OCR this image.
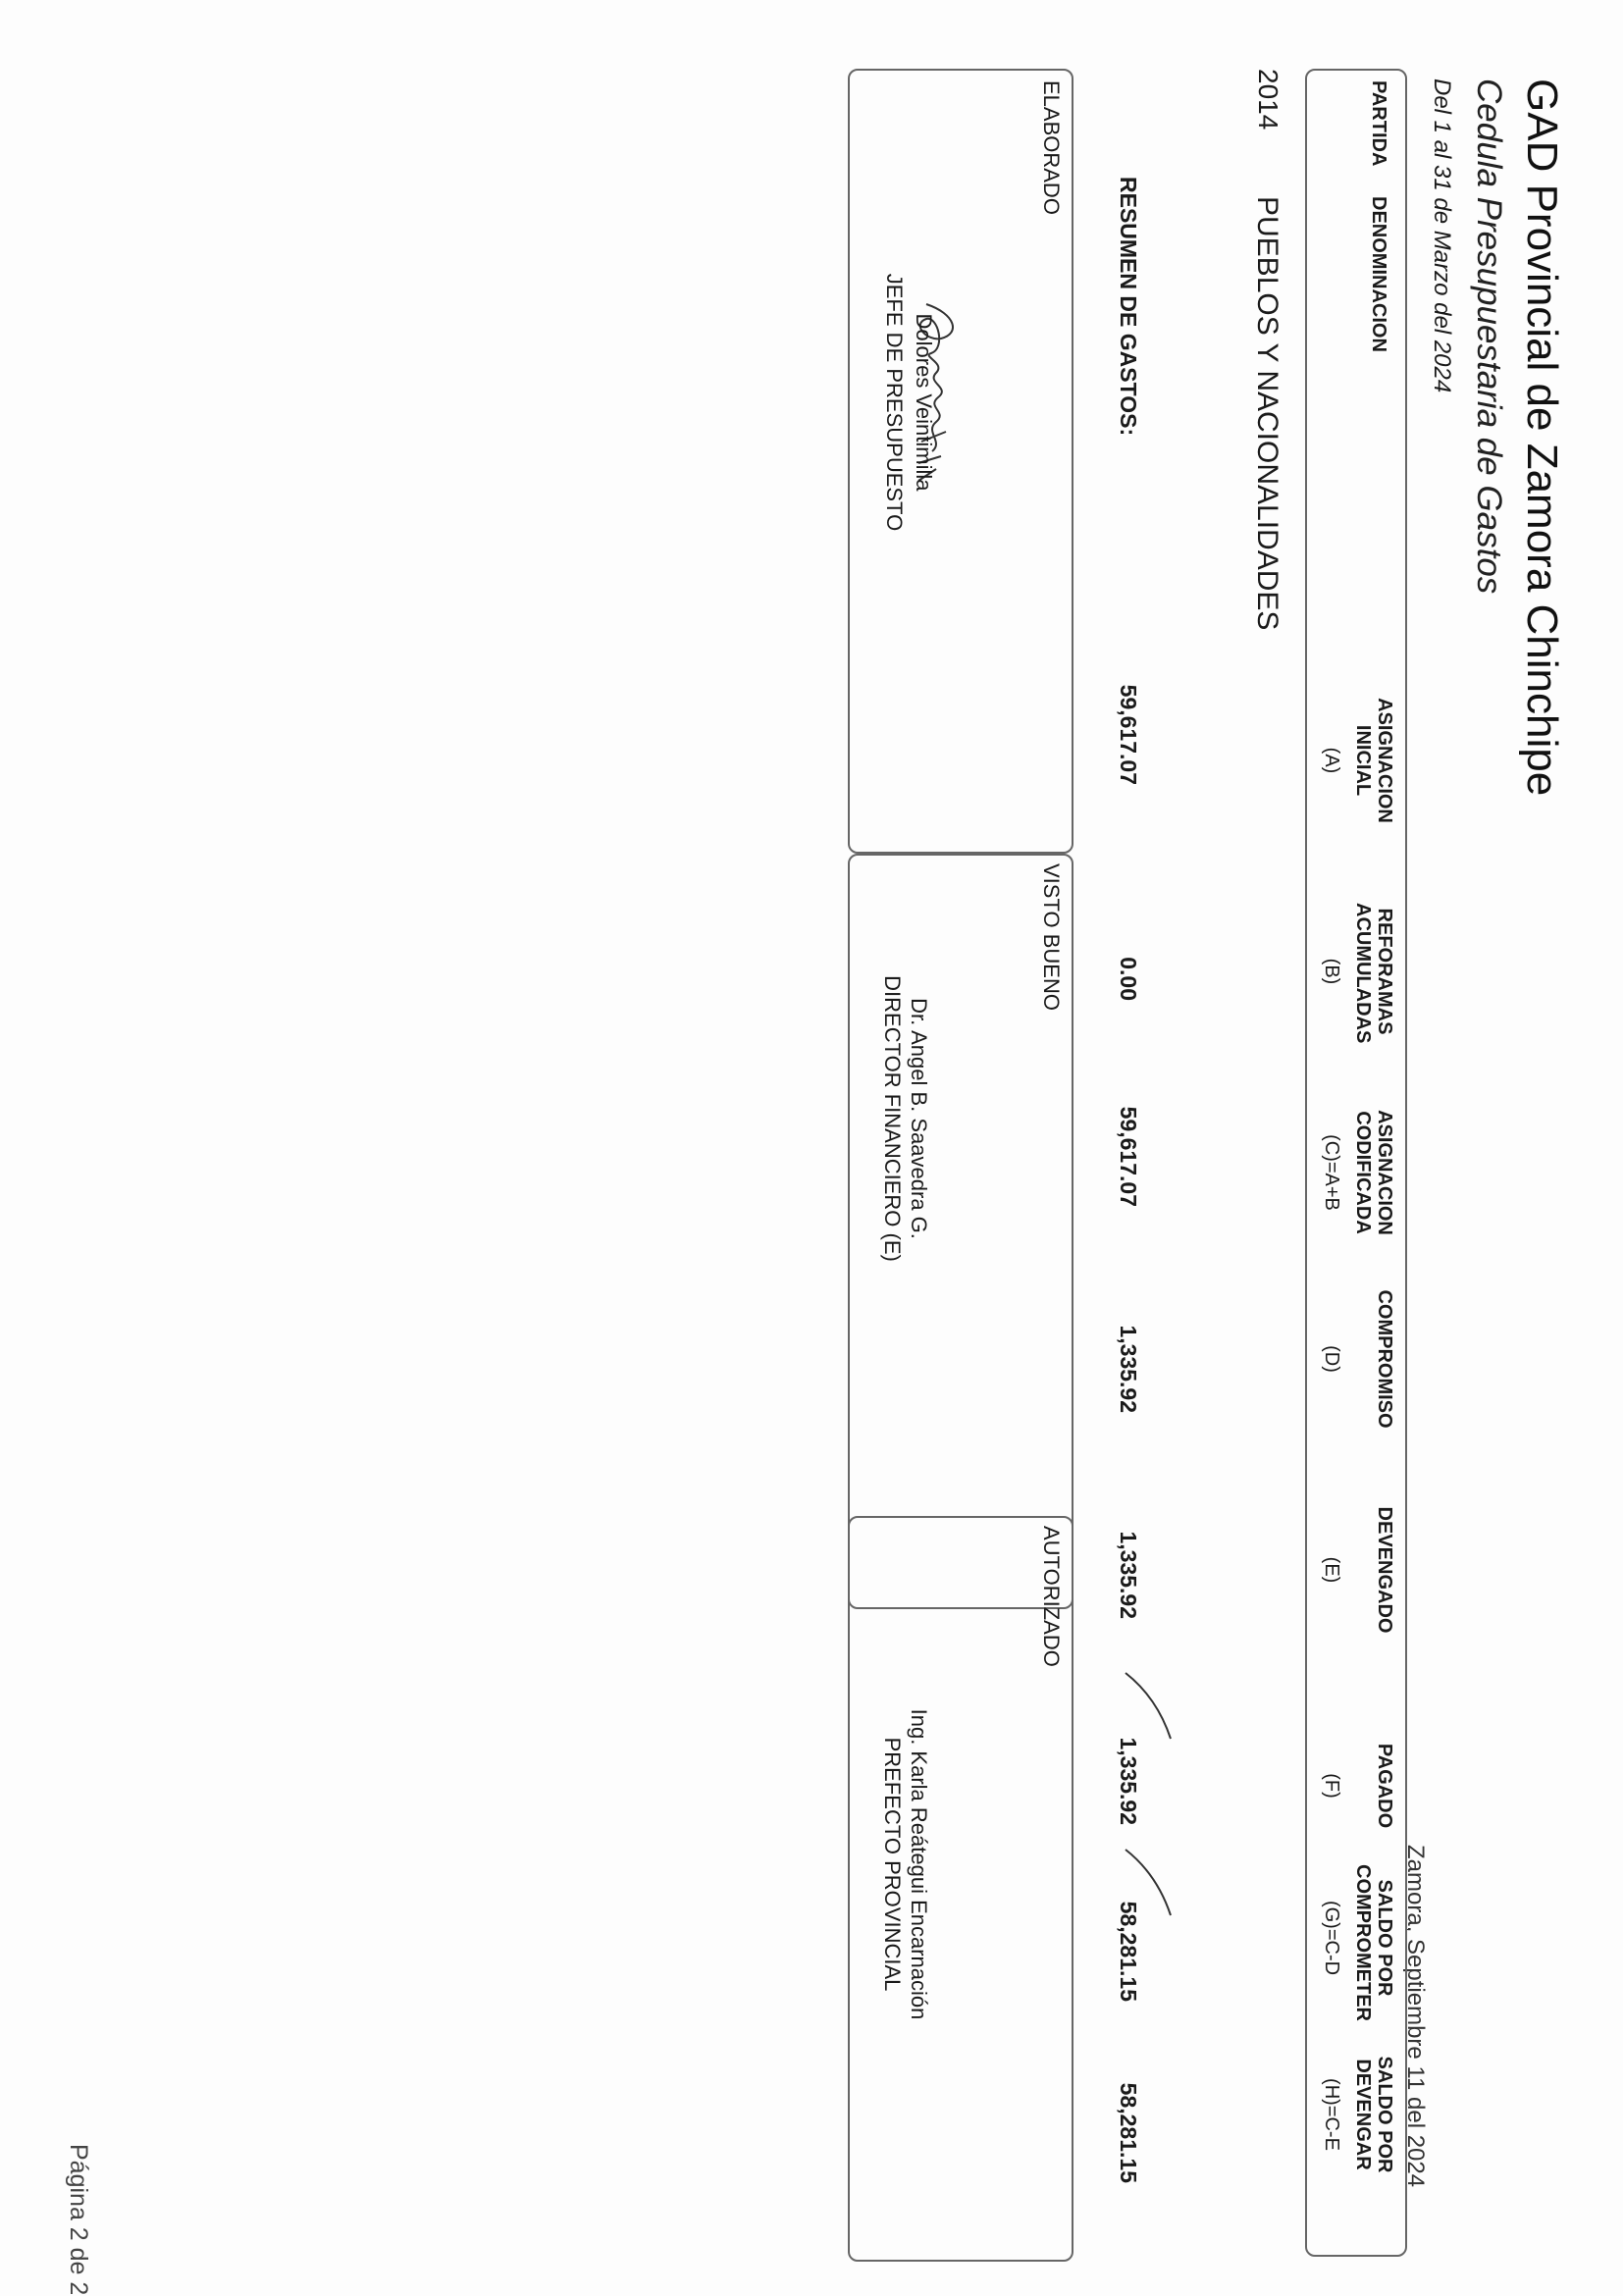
GAD Provincial de Zamora Chinchipe
Cedula Presupuestaria de Gastos
Del 1 al 31 de Marzo del 2024
Zamora, Septiembre 11 del 2024
Página 2 de 2
PARTIDA
DENOMINACION
ASIGNACION INICIAL
(A)
REFORAMAS ACUMULADAS
(B)
ASIGNACION CODIFICADA
(C)=A+B
COMPROMISO
(D)
DEVENGADO
(E)
PAGADO
(F)
SALDO POR COMPROMETER
(G)=C-D
SALDO POR DEVENGAR
(H)=C-E
2014
PUEBLOS Y NACIONALIDADES
RESUMEN DE GASTOS:
59,617.07
0.00
59,617.07
1,335.92
1,335.92
1,335.92
58,281.15
58,281.15
ELABORADO
VISTO BUENO
AUTORIZADO
Dolores Veintimilla
JEFE DE PRESUPUESTO
Dr. Angel B. Saavedra G.
DIRECTOR FINANCIERO (E)
Ing. Karla Reátegui Encarnación
PREFECTO PROVINCIAL
